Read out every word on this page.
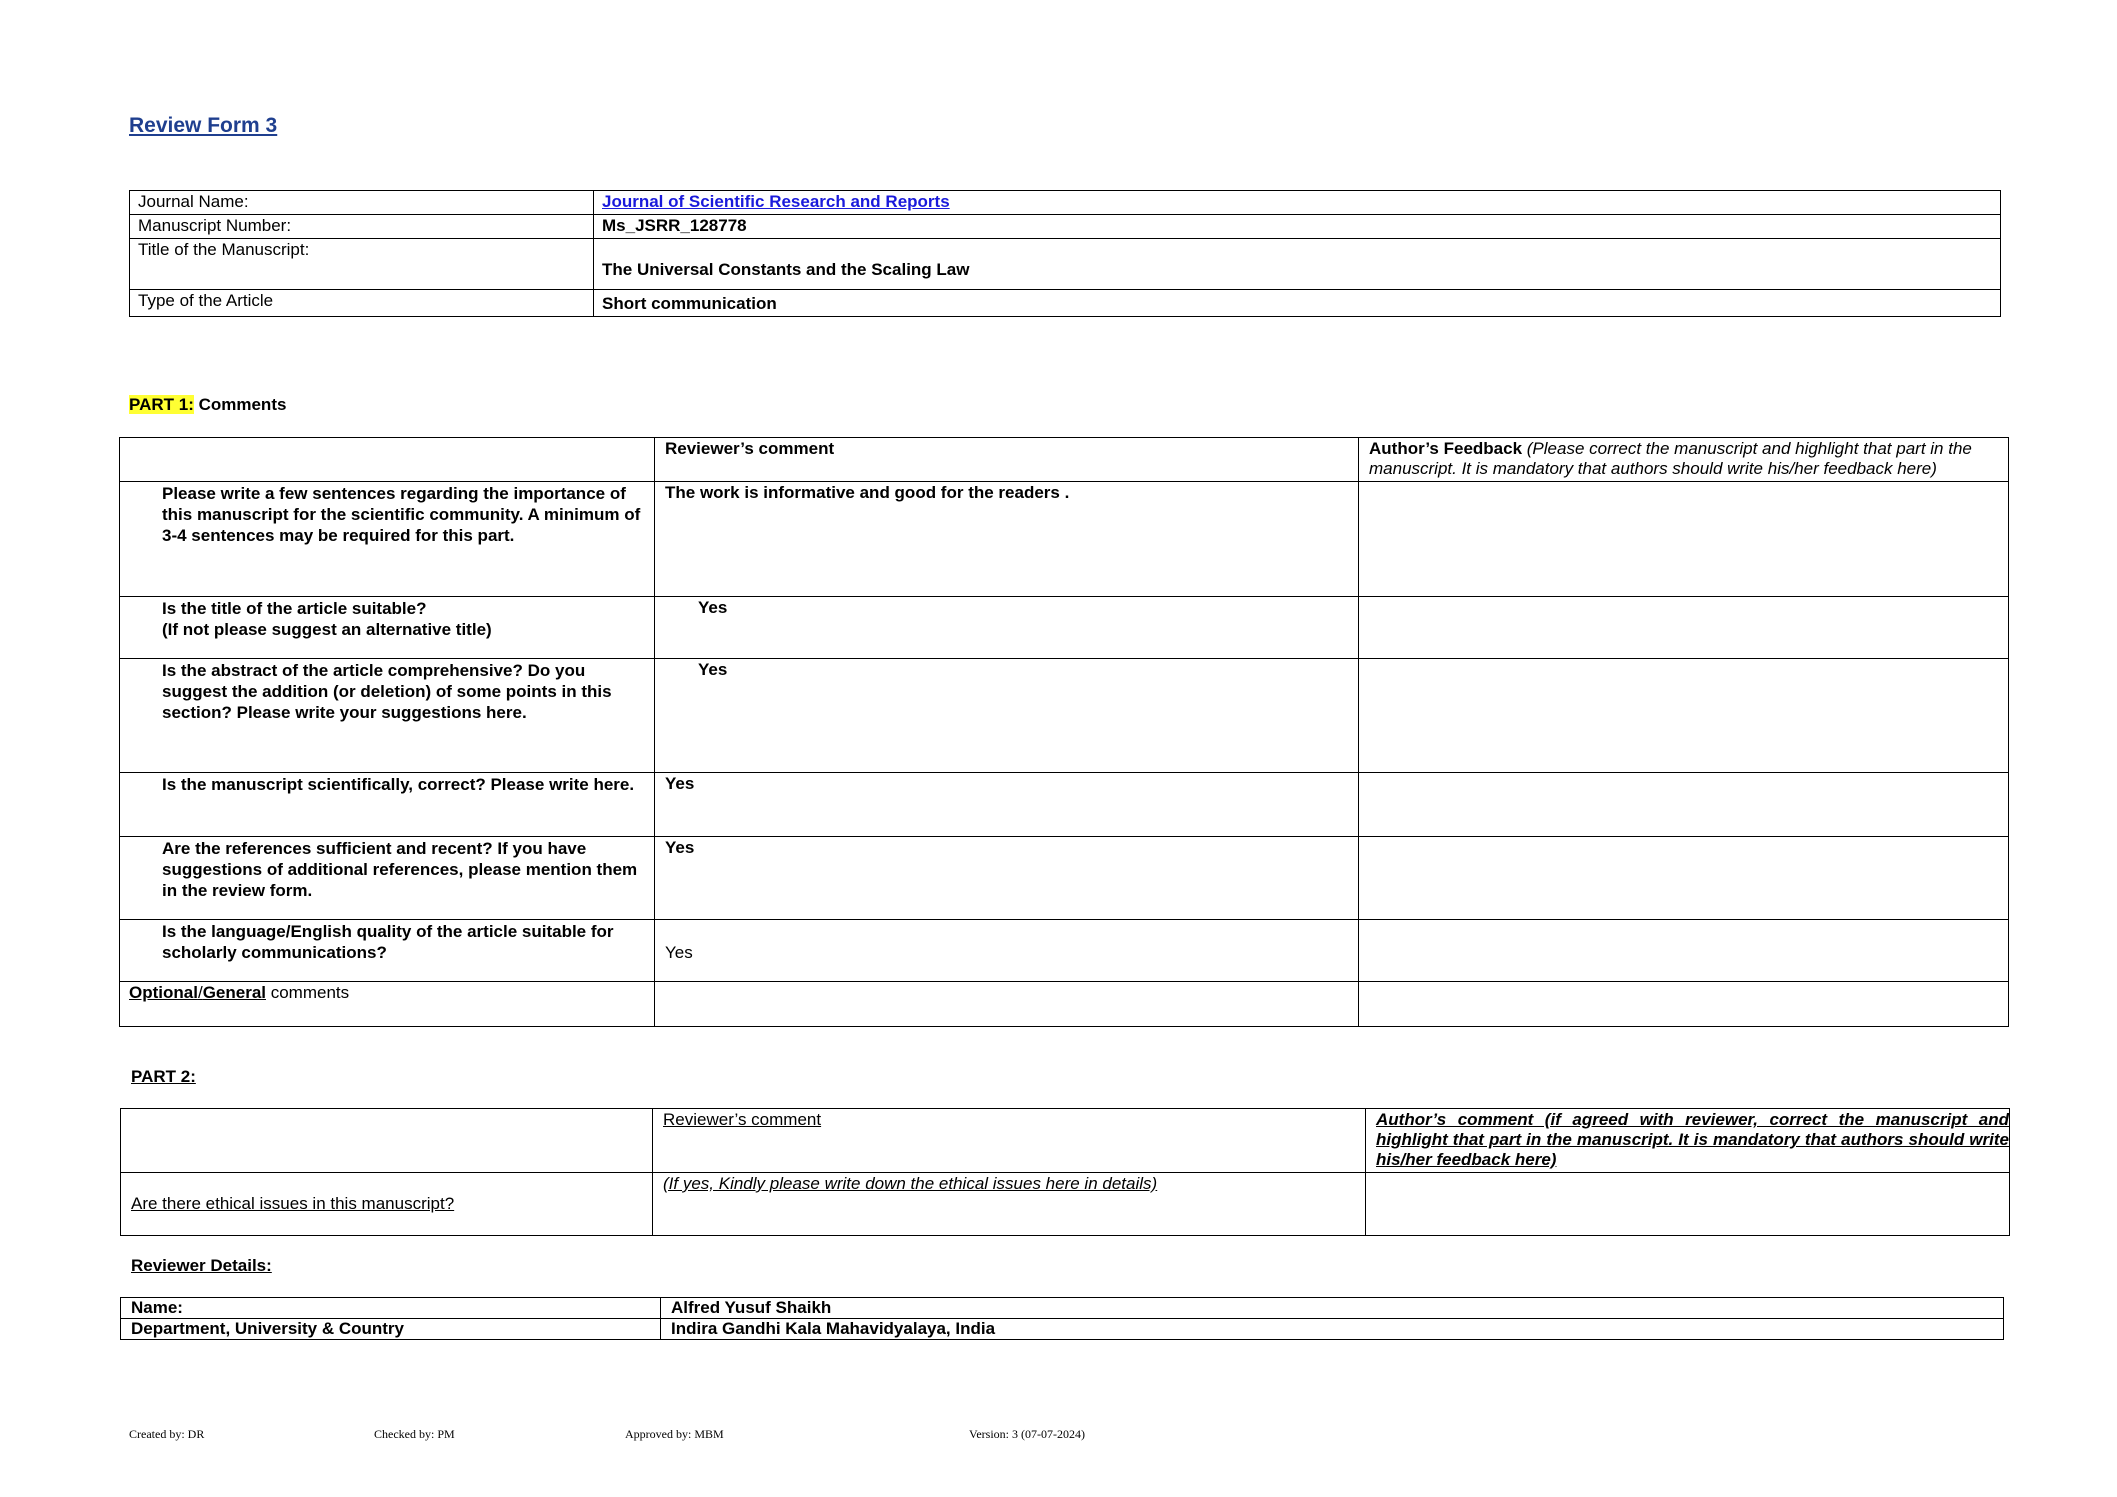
Review Form 3
Journal Name:	Journal of Scientific Research and Reports
Manuscript Number:	Ms_JSRR_128778
Title of the Manuscript:	The Universal Constants and the Scaling Law

Type of the Article	Short communication
PART 1: Comments
	Reviewer’s comment	Author’s Feedback (Please correct the manuscript and highlight that part in the manuscript. It is mandatory that authors should write his/her feedback here)
Please write a few sentences regarding the importance of this manuscript for the scientific community. A minimum of 3-4 sentences may be required for this part.	The work is informative and good for the readers .	

Is the title of the article suitable?
(If not please suggest an alternative title)	Yes	
Is the abstract of the article comprehensive? Do you suggest the addition (or deletion) of some points in this section? Please write your suggestions here.	Yes	
Is the manuscript scientifically, correct? Please write here.	Yes	
Are the references sufficient and recent? If you have suggestions of additional references, please mention them in the review form.	Yes	
Is the language/English quality of the article suitable for scholarly communications?	Yes	
Optional/General comments		
PART 2:
	Reviewer’s comment	Author’s comment (if agreed with reviewer, correct the manuscript and highlight that part in the manuscript. It is mandatory that authors should write his/her feedback here)
Are there ethical issues in this manuscript?	(If yes, Kindly please write down the ethical issues here in details)	
Reviewer Details:
Name:	Alfred Yusuf Shaikh
Department, University & Country	Indira Gandhi Kala Mahavidyalaya, India
Created by: DR	Checked by: PM	Approved by: MBM	Version: 3 (07-07-2024)
